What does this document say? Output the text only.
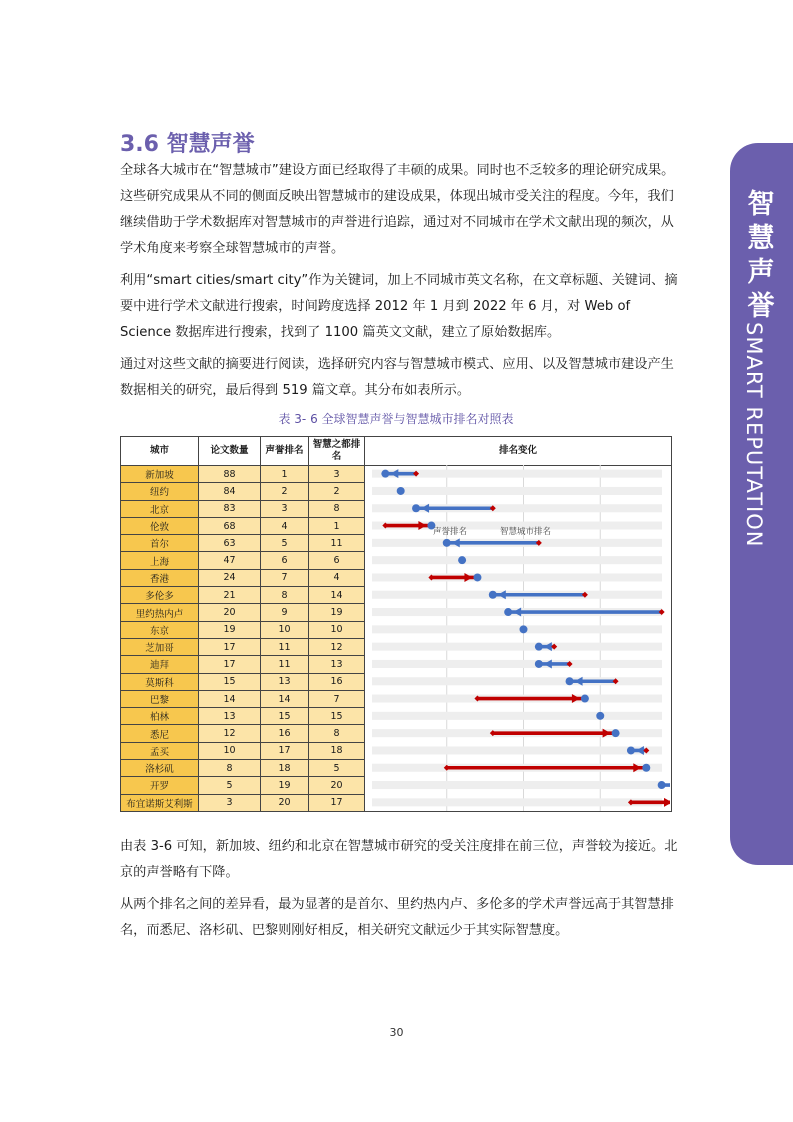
智慧声誉
SMART REPUTATION
3.6 智慧声誉

全球各大城市在“智慧城市”建设方面已经取得了丰硕的成果。同时也不乏较多的理论研究成果。这些研究成果从不同的侧面反映出智慧城市的建设成果，体现出城市受关注的程度。今年，我们继续借助于学术数据库对智慧城市的声誉进行追踪，通过对不同城市在学术文献出现的频次，从学术角度来考察全球智慧城市的声誉。

利用“smart cities/smart city”作为关键词，加上不同城市英文名称，在文章标题、关键词、摘要中进行学术文献进行搜索，时间跨度选择 2012 年 1 月到 2022 年 6 月，对 Web of Science 数据库进行搜索，找到了 1100 篇英文文献，建立了原始数据库。

通过对这些文献的摘要进行阅读，选择研究内容与智慧城市模式、应用、以及智慧城市建设产生数据相关的研究，最后得到 519 篇文章。其分布如表所示。

表 3- 6 全球智慧声誉与智慧城市排名对照表
城市	论文数量	声誉排名	智慧之都排名	排名变化
新加坡	88	1	3	
纽约	84	2	2	
北京	83	3	8	
伦敦	68	4	1	
首尔	63	5	11	
上海	47	6	6	
香港	24	7	4	
多伦多	21	8	14	
里约热内卢	20	9	19	
东京	19	10	10	
芝加哥	17	11	12	
迪拜	17	11	13	
莫斯科	15	13	16	
巴黎	14	14	7	
柏林	13	15	15	
悉尼	12	16	8	
孟买	10	17	18	
洛杉矶	8	18	5	
开罗	5	19	20	
布宜诺斯艾利斯	3	20	17	
声誉排名	智慧城市排名

由表 3-6 可知，新加坡、纽约和北京在智慧城市研究的受关注度排在前三位，声誉较为接近。北京的声誉略有下降。

从两个排名之间的差异看，最为显著的是首尔、里约热内卢、多伦多的学术声誉远高于其智慧排名，而悉尼、洛杉矶、巴黎则刚好相反，相关研究文献远少于其实际智慧度。

30
